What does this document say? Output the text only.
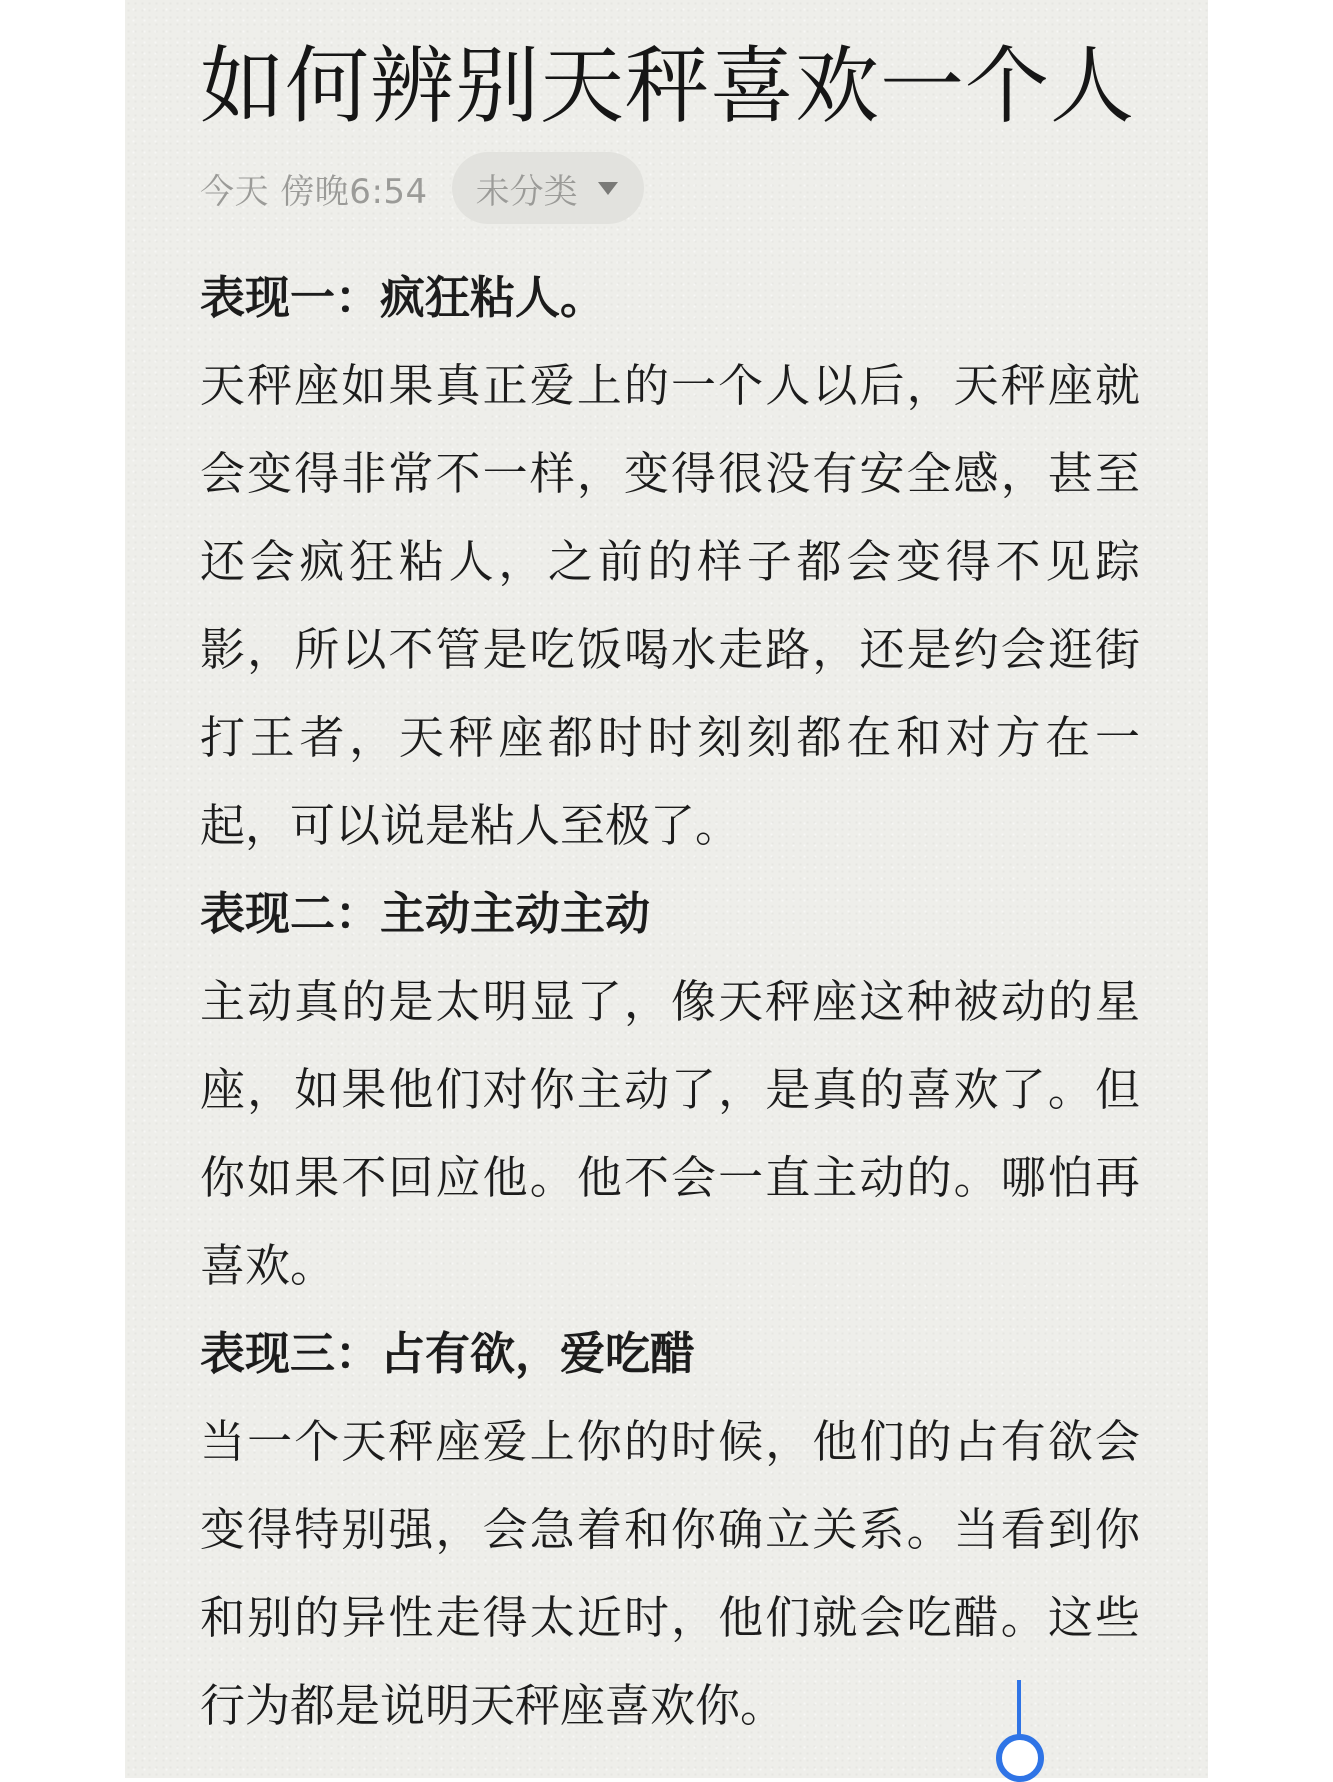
如何辨别天秤喜欢一个人
今天 傍晚6:54 未分类

表现一：疯狂粘人。

天秤座如果真正爱上的一个人以后，天秤座就会变得非常不一样，变得很没有安全感，甚至还会疯狂粘人，之前的样子都会变得不见踪影，所以不管是吃饭喝水走路，还是约会逛街打王者，天秤座都时时刻刻都在和对方在一起，可以说是粘人至极了。

表现二：主动主动主动

主动真的是太明显了，像天秤座这种被动的星座，如果他们对你主动了，是真的喜欢了。但你如果不回应他。他不会一直主动的。哪怕再喜欢。

表现三：占有欲，爱吃醋

当一个天秤座爱上你的时候，他们的占有欲会变得特别强，会急着和你确立关系。当看到你和别的异性走得太近时，他们就会吃醋。这些行为都是说明天秤座喜欢你。
